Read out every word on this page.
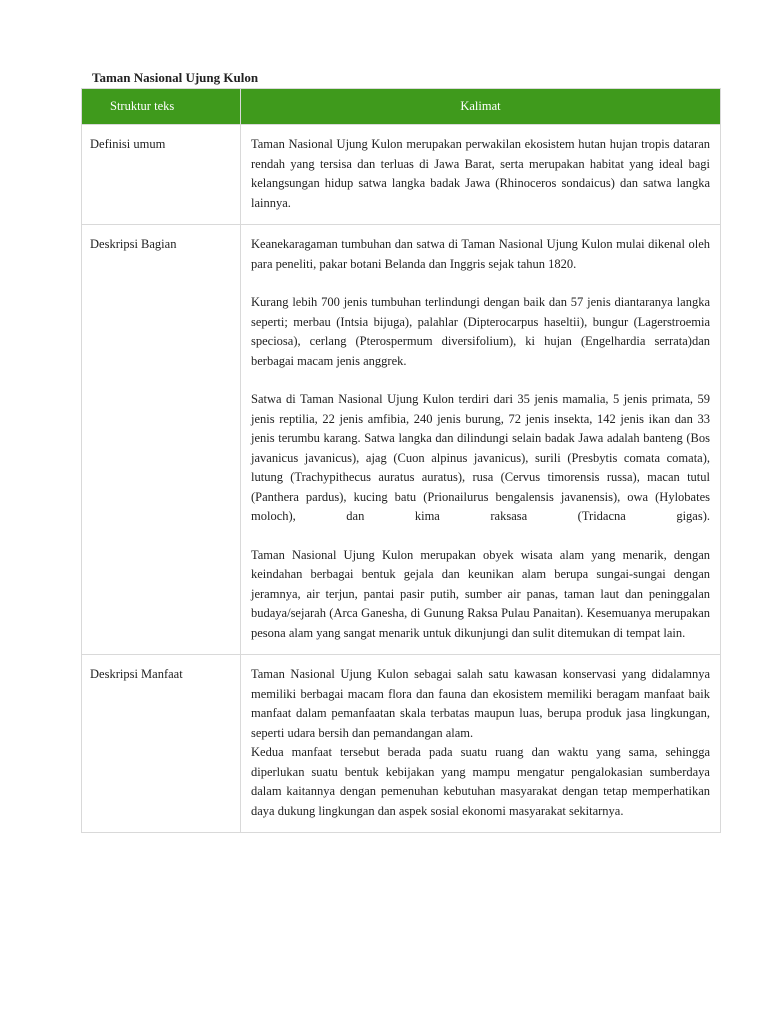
Taman Nasional Ujung Kulon
Struktur teks	Kalimat
Definisi umum	Taman Nasional Ujung Kulon merupakan perwakilan ekosistem hutan hujan tropis dataran rendah yang tersisa dan terluas di Jawa Barat, serta merupakan habitat yang ideal bagi kelangsungan hidup satwa langka badak Jawa (Rhinoceros sondaicus) dan satwa langka lainnya.

Deskripsi Bagian	Keanekaragaman tumbuhan dan satwa di Taman Nasional Ujung Kulon mulai dikenal oleh para peneliti, pakar botani Belanda dan Inggris sejak tahun 1820.

Kurang lebih 700 jenis tumbuhan terlindungi dengan baik dan 57 jenis diantaranya langka seperti; merbau (Intsia bijuga), palahlar (Dipterocarpus haseltii), bungur (Lagerstroemia speciosa), cerlang (Pterospermum diversifolium), ki hujan (Engelhardia serrata)dan berbagai macam jenis anggrek.

Satwa di Taman Nasional Ujung Kulon terdiri dari 35 jenis mamalia, 5 jenis primata, 59 jenis reptilia, 22 jenis amfibia, 240 jenis burung, 72 jenis insekta, 142 jenis ikan dan 33 jenis terumbu karang. Satwa langka dan dilindungi selain badak Jawa adalah banteng (Bos javanicus javanicus), ajag (Cuon alpinus javanicus), surili (Presbytis comata comata), lutung (Trachypithecus auratus auratus), rusa (Cervus timorensis russa), macan tutul (Panthera pardus), kucing batu (Prionailurus bengalensis javanensis), owa (Hylobates moloch), dan kima raksasa (Tridacna gigas).

Taman Nasional Ujung Kulon merupakan obyek wisata alam yang menarik, dengan keindahan berbagai bentuk gejala dan keunikan alam berupa sungai-sungai dengan jeramnya, air terjun, pantai pasir putih, sumber air panas, taman laut dan peninggalan budaya/sejarah (Arca Ganesha, di Gunung Raksa Pulau Panaitan). Kesemuanya merupakan pesona alam yang sangat menarik untuk dikunjungi dan sulit ditemukan di tempat lain.

Deskripsi Manfaat	Taman Nasional Ujung Kulon sebagai salah satu kawasan konservasi yang didalamnya memiliki berbagai macam flora dan fauna dan ekosistem memiliki beragam manfaat baik manfaat dalam pemanfaatan skala terbatas maupun luas, berupa produk jasa lingkungan, seperti udara bersih dan pemandangan alam.

Kedua manfaat tersebut berada pada suatu ruang dan waktu yang sama, sehingga diperlukan suatu bentuk kebijakan yang mampu mengatur pengalokasian sumberdaya dalam kaitannya dengan pemenuhan kebutuhan masyarakat dengan tetap memperhatikan daya dukung lingkungan dan aspek sosial ekonomi masyarakat sekitarnya.
